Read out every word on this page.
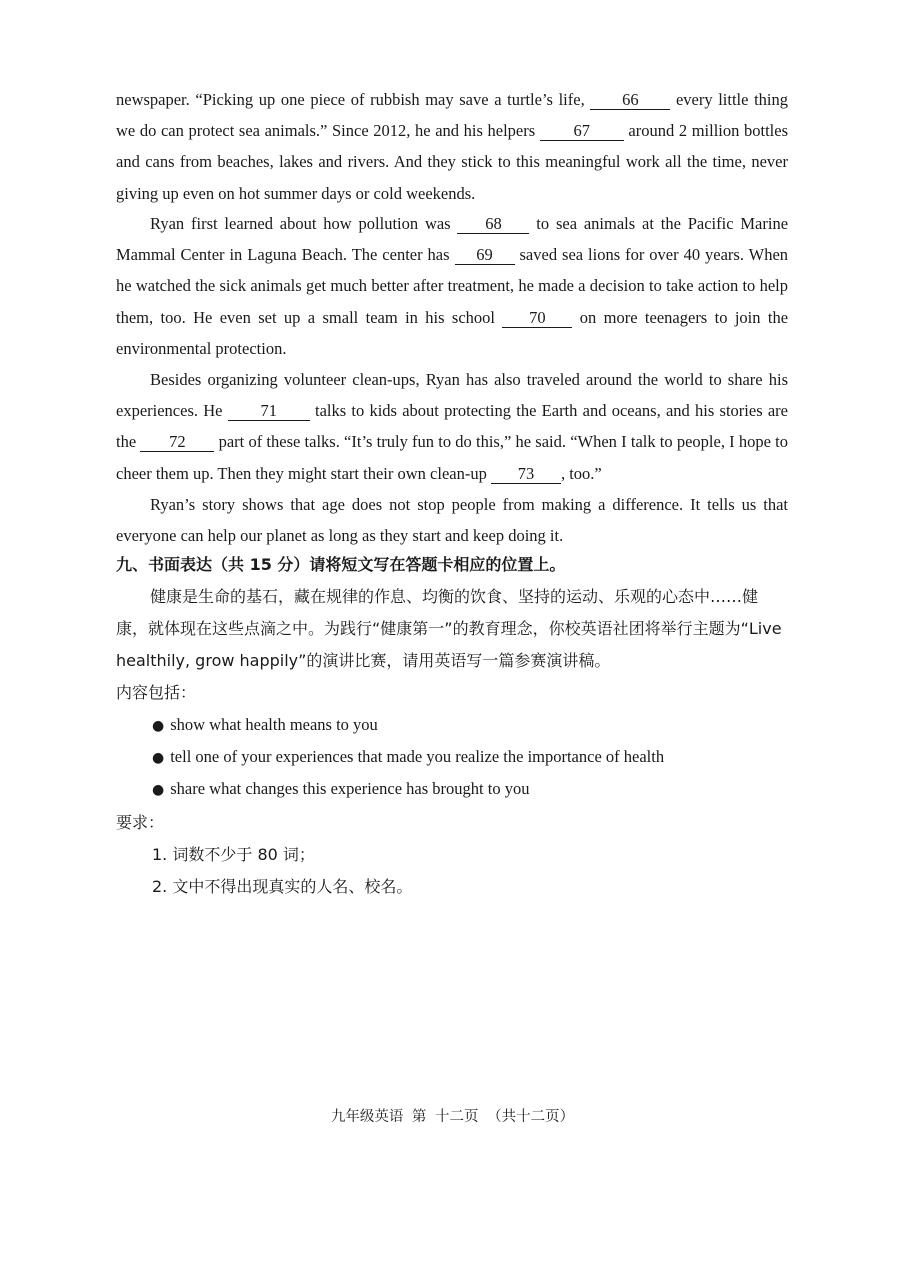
newspaper. “Picking up one piece of rubbish may save a turtle’s life, 66 every little thing we do can protect sea animals.” Since 2012, he and his helpers 67 around 2 million bottles and cans from beaches, lakes and rivers. And they stick to this meaningful work all the time, never giving up even on hot summer days or cold weekends.

Ryan first learned about how pollution was 68 to sea animals at the Pacific Marine Mammal Center in Laguna Beach. The center has 69 saved sea lions for over 40 years. When he watched the sick animals get much better after treatment, he made a decision to take action to help them, too. He even set up a small team in his school 70 on more teenagers to join the environmental protection.

Besides organizing volunteer clean-ups, Ryan has also traveled around the world to share his experiences. He 71 talks to kids about protecting the Earth and oceans, and his stories are the 72 part of these talks. “It’s truly fun to do this,” he said. “When I talk to people, I hope to cheer them up. Then they might start their own clean-up 73 , too.”

Ryan’s story shows that age does not stop people from making a difference. It tells us that everyone can help our planet as long as they start and keep doing it.

九、书面表达（共 15 分）请将短文写在答题卡相应的位置上。

健康是生命的基石，藏在规律的作息、均衡的饮食、坚持的运动、乐观的心态中……健康，就体现在这些点滴之中。为践行“健康第一”的教育理念，你校英语社团将举行主题为“Live healthily, grow happily”的演讲比赛，请用英语写一篇参赛演讲稿。

内容包括：

● show what health means to you

● tell one of your experiences that made you realize the importance of health

● share what changes this experience has brought to you

要求：

1. 词数不少于 80 词；

2. 文中不得出现真实的人名、校名。

九年级英语 第 十二页 （共十二页）
